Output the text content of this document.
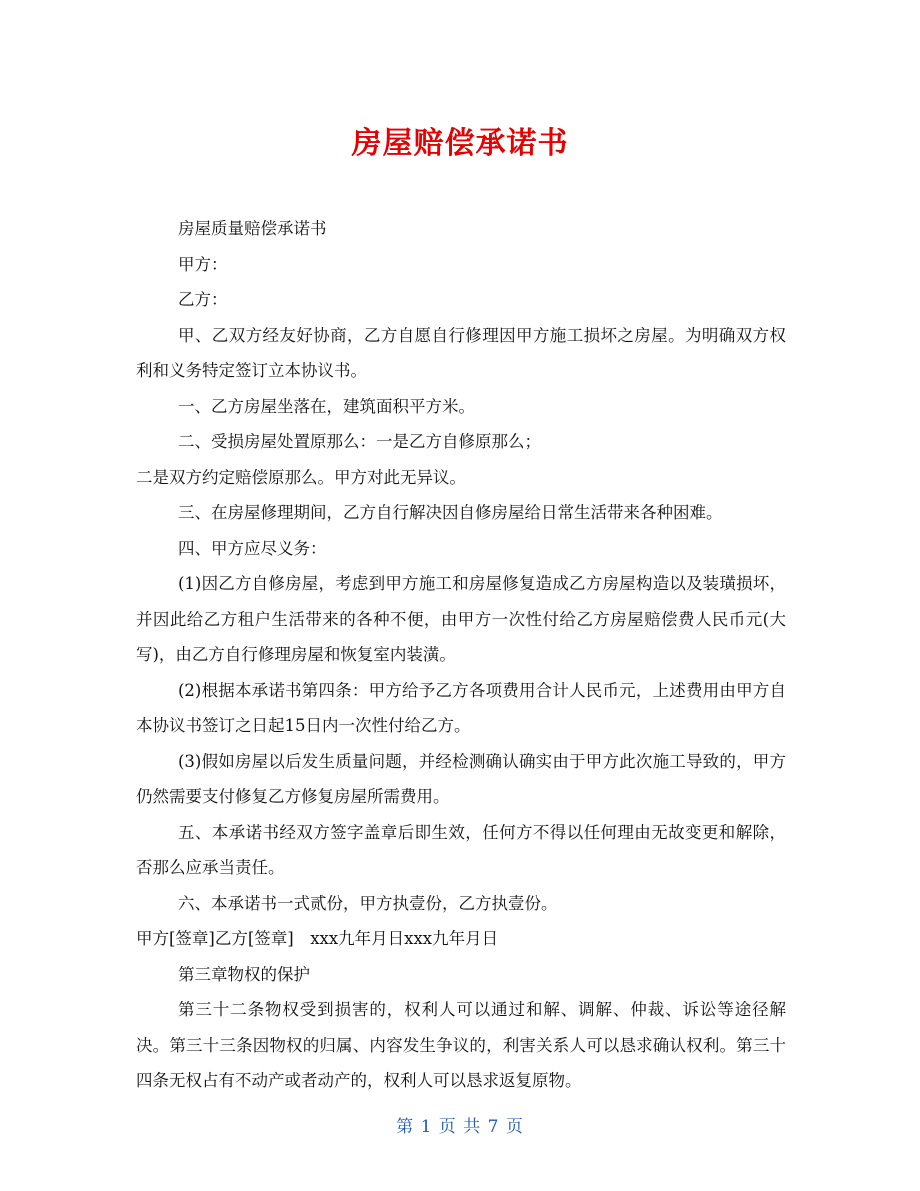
房屋赔偿承诺书

房屋质量赔偿承诺书

甲方：

乙方：

甲、乙双方经友好协商，乙方自愿自行修理因甲方施工损坏之房屋。为明确双方权利和义务特定签订立本协议书。

一、乙方房屋坐落在，建筑面积平方米。

二、受损房屋处置原那么：一是乙方自修原那么；

二是双方约定赔偿原那么。甲方对此无异议。

三、在房屋修理期间，乙方自行解决因自修房屋给日常生活带来各种困难。

四、甲方应尽义务：

(1)因乙方自修房屋，考虑到甲方施工和房屋修复造成乙方房屋构造以及装璜损坏，并因此给乙方租户生活带来的各种不便，由甲方一次性付给乙方房屋赔偿费人民币元(大写)，由乙方自行修理房屋和恢复室内装潢。

(2)根据本承诺书第四条：甲方给予乙方各项费用合计人民币元，上述费用由甲方自本协议书签订之日起15日内一次性付给乙方。

(3)假如房屋以后发生质量问题，并经检测确认确实由于甲方此次施工导致的，甲方仍然需要支付修复乙方修复房屋所需费用。

五、本承诺书经双方签字盖章后即生效，任何方不得以任何理由无故变更和解除，否那么应承当责任。

六、本承诺书一式贰份，甲方执壹份，乙方执壹份。

甲方[签章]乙方[签章]　xxx九年月日xxx九年月日

第三章物权的保护

第三十二条物权受到损害的，权利人可以通过和解、调解、仲裁、诉讼等途径解决。第三十三条因物权的归属、内容发生争议的，利害关系人可以恳求确认权利。第三十四条无权占有不动产或者动产的，权利人可以恳求返复原物。

第 1 页 共 7 页
